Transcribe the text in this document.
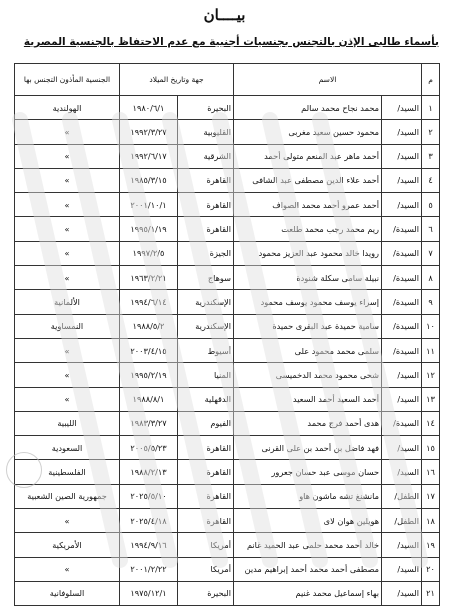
بيــــان
بأسماء طالبى الإذن بالتجنس بجنسيات أجنبية مع عدم الاحتفاظ بالجنسية المصرية
م	الاسم		جهة وتاريخ الميلاد		الجنسية المأذون التجنس بها
١	السيد/	محمد نجاح محمد سالم	البحيرة	١٩٨٠/٦/١	الهولندية
٢	السيد/	محمود حسين سعيد مغربى	القليوبية	١٩٩٢/٣/٢٧	»
٣	السيد/	أحمد ماهر عبد المنعم متولى أحمد	الشرقية	١٩٩٢/٦/١٧	»
٤	السيد/	أحمد علاء الدين مصطفى عبد الشافى	القاهرة	١٩٨٥/٣/١٥	»
٥	السيد/	أحمد عمرو أحمد محمد الصواف	القاهرة	٢٠٠١/١٠/١	»
٦	السيدة/	ريم محمد رجب محمد طلعت	القاهرة	١٩٩٥/١/١٩	»
٧	السيدة/	رويدا خالد محمود عبد العزيز محمود	الجيزة	١٩٩٧/٢/٥	»
٨	السيدة/	نبيلة سامى سكلة شنودة	سوهاج	١٩٦٣/٢/٢١	»
٩	السيدة/	إسراء يوسف محمود يوسف محمود	الإسكندرية	١٩٩٤/٦/١٤	الألمانية
١٠	السيدة/	سامية حميدة عبد البقرى حميدة	الإسكندرية	١٩٨٨/٥/٢	النمساوية
١١	السيدة/	سلمى محمد محمود على	أسيوط	٢٠٠٣/٤/١٥	»
١٢	السيد/	شحى محمود محمد الدخميسى	المنيا	١٩٩٥/٢/١٩	»
١٣	السيد/	أحمد السعيد أحمد السعيد	الدقهلية	١٩٨٨/٨/١	»
١٤	السيدة/	هدى أحمد فرج محمد	الفيوم	١٩٨٣/٣/٢٧	الليبية
١٥	السيد/	فهد فاضل بن أحمد بن على القرنى	القاهرة	٢٠٠٥/٥/٢٣	السعودية
١٦	السيد/	حسان موسى عبد حسان جعرور	القاهرة	١٩٨٨/٢/١٣	الفلسطينية
١٧	الطفل/	مانشنغ تشه ماشون هاو	القاهرة	٢٠٢٥/٥/١٠	جمهورية الصين الشعبية
١٨	الطفل/	هويلين هوان لاى	القاهرة	٢٠٢٥/٤/١٨	»
١٩	السيد/	خالد أحمد محمد حلمى عبد الحميد غانم	أمريكا	١٩٩٤/٩/١٦	الأمريكية
٢٠	السيد/	مصطفى أحمد محمد أحمد إبراهيم مدين	أمريكا	٢٠٠١/٢/٢٢	»
٢١	السيد/	بهاء إسماعيل محمد غنيم	البحيرة	١٩٧٥/١٢/١	السلوفانية
